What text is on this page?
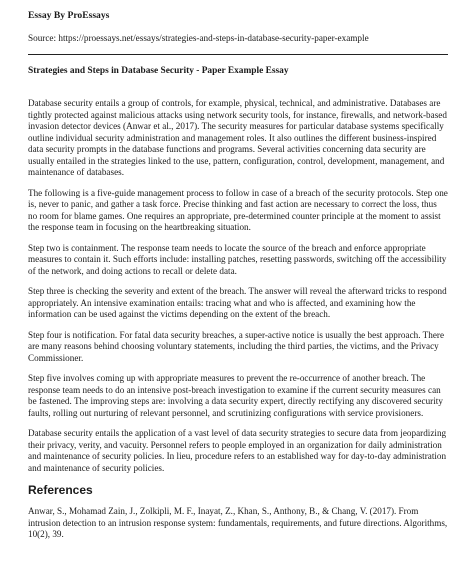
Essay By ProEssays

Source: https://proessays.net/essays/strategies-and-steps-in-database-security-paper-example

Strategies and Steps in Database Security - Paper Example Essay

Database security entails a group of controls, for example, physical, technical, and administrative. Databases are tightly protected against malicious attacks using network security tools, for instance, firewalls, and network-based invasion detector devices (Anwar et al., 2017). The security measures for particular database systems specifically outline individual security administration and management roles. It also outlines the different business-inspired data security prompts in the database functions and programs. Several activities concerning data security are usually entailed in the strategies linked to the use, pattern, configuration, control, development, management, and maintenance of databases.

The following is a five-guide management process to follow in case of a breach of the security protocols. Step one is, never to panic, and gather a task force. Precise thinking and fast action are necessary to correct the loss, thus no room for blame games. One requires an appropriate, pre-determined counter principle at the moment to assist the response team in focusing on the heartbreaking situation.

Step two is containment. The response team needs to locate the source of the breach and enforce appropriate measures to contain it. Such efforts include: installing patches, resetting passwords, switching off the accessibility of the network, and doing actions to recall or delete data.

Step three is checking the severity and extent of the breach. The answer will reveal the afterward tricks to respond appropriately. An intensive examination entails: tracing what and who is affected, and examining how the information can be used against the victims depending on the extent of the breach.

Step four is notification. For fatal data security breaches, a super-active notice is usually the best approach. There are many reasons behind choosing voluntary statements, including the third parties, the victims, and the Privacy Commissioner.

Step five involves coming up with appropriate measures to prevent the re-occurrence of another breach. The response team needs to do an intensive post-breach investigation to examine if the current security measures can be fastened. The improving steps are: involving a data security expert, directly rectifying any discovered security faults, rolling out nurturing of relevant personnel, and scrutinizing configurations with service provisioners.

Database security entails the application of a vast level of data security strategies to secure data from jeopardizing their privacy, verity, and vacuity. Personnel refers to people employed in an organization for daily administration and maintenance of security policies. In lieu, procedure refers to an established way for day-to-day administration and maintenance of security policies.

References

Anwar, S., Mohamad Zain, J., Zolkipli, M. F., Inayat, Z., Khan, S., Anthony, B., & Chang, V. (2017). From intrusion detection to an intrusion response system: fundamentals, requirements, and future directions. Algorithms, 10(2), 39.
